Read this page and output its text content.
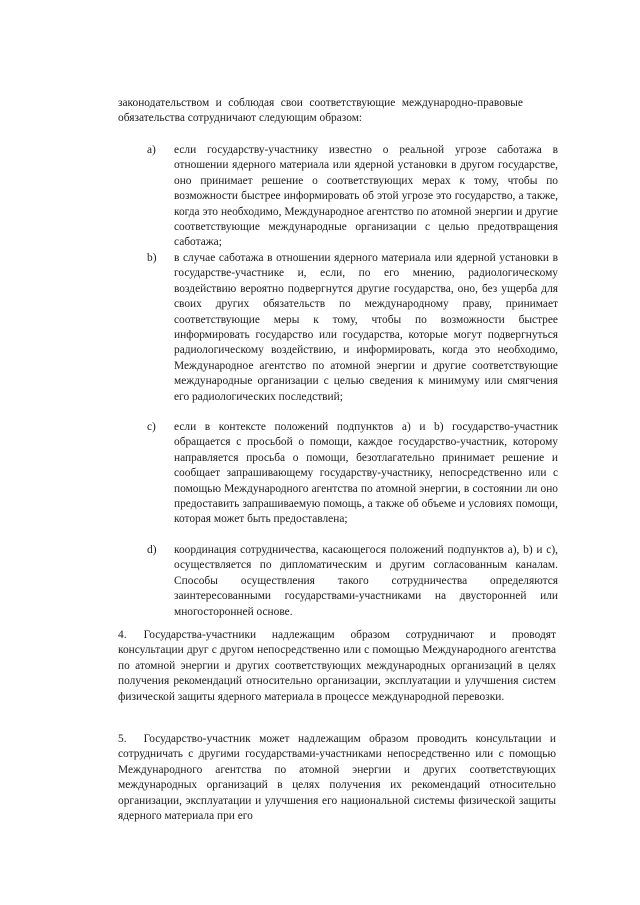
законодательством и соблюдая свои соответствующие международно-правовые обязательства сотрудничают следующим образом:

a) если государству-участнику известно о реальной угрозе саботажа в отношении ядерного материала или ядерной установки в другом государстве, оно принимает решение о соответствующих мерах к тому, чтобы по возможности быстрее информировать об этой угрозе это государство, а также, когда это необходимо, Международное агентство по атомной энергии и другие соответствующие международные организации с целью предотвращения саботажа;

b) в случае саботажа в отношении ядерного материала или ядерной установки в государстве-участнике и, если, по его мнению, радиологическому воздействию вероятно подвергнутся другие государства, оно, без ущерба для своих других обязательств по международному праву, принимает соответствующие меры к тому, чтобы по возможности быстрее информировать государство или государства, которые могут подвергнуться радиологическому воздействию, и информировать, когда это необходимо, Международное агентство по атомной энергии и другие соответствующие международные организации с целью сведения к минимуму или смягчения его радиологических последствий;

c) если в контексте положений подпунктов a) и b) государство-участник обращается с просьбой о помощи, каждое государство-участник, которому направляется просьба о помощи, безотлагательно принимает решение и сообщает запрашивающему государству-участнику, непосредственно или с помощью Международного агентства по атомной энергии, в состоянии ли оно предоставить запрашиваемую помощь, а также об объеме и условиях помощи, которая может быть предоставлена;

d) координация сотрудничества, касающегося положений подпунктов a), b) и c), осуществляется по дипломатическим и другим согласованным каналам. Способы осуществления такого сотрудничества определяются заинтересованными государствами-участниками на двусторонней или многосторонней основе.

4.   Государства-участники надлежащим образом сотрудничают и проводят консультации друг с другом непосредственно или с помощью Международного агентства по атомной энергии и других соответствующих международных организаций в целях получения рекомендаций относительно организации, эксплуатации и улучшения систем физической защиты ядерного материала в процессе международной перевозки.

5.   Государство-участник может надлежащим образом проводить консультации и сотрудничать с другими государствами-участниками непосредственно или с помощью Международного агентства по атомной энергии и других соответствующих международных организаций в целях получения их рекомендаций относительно организации, эксплуатации и улучшения его национальной системы физической защиты ядерного материала при его
